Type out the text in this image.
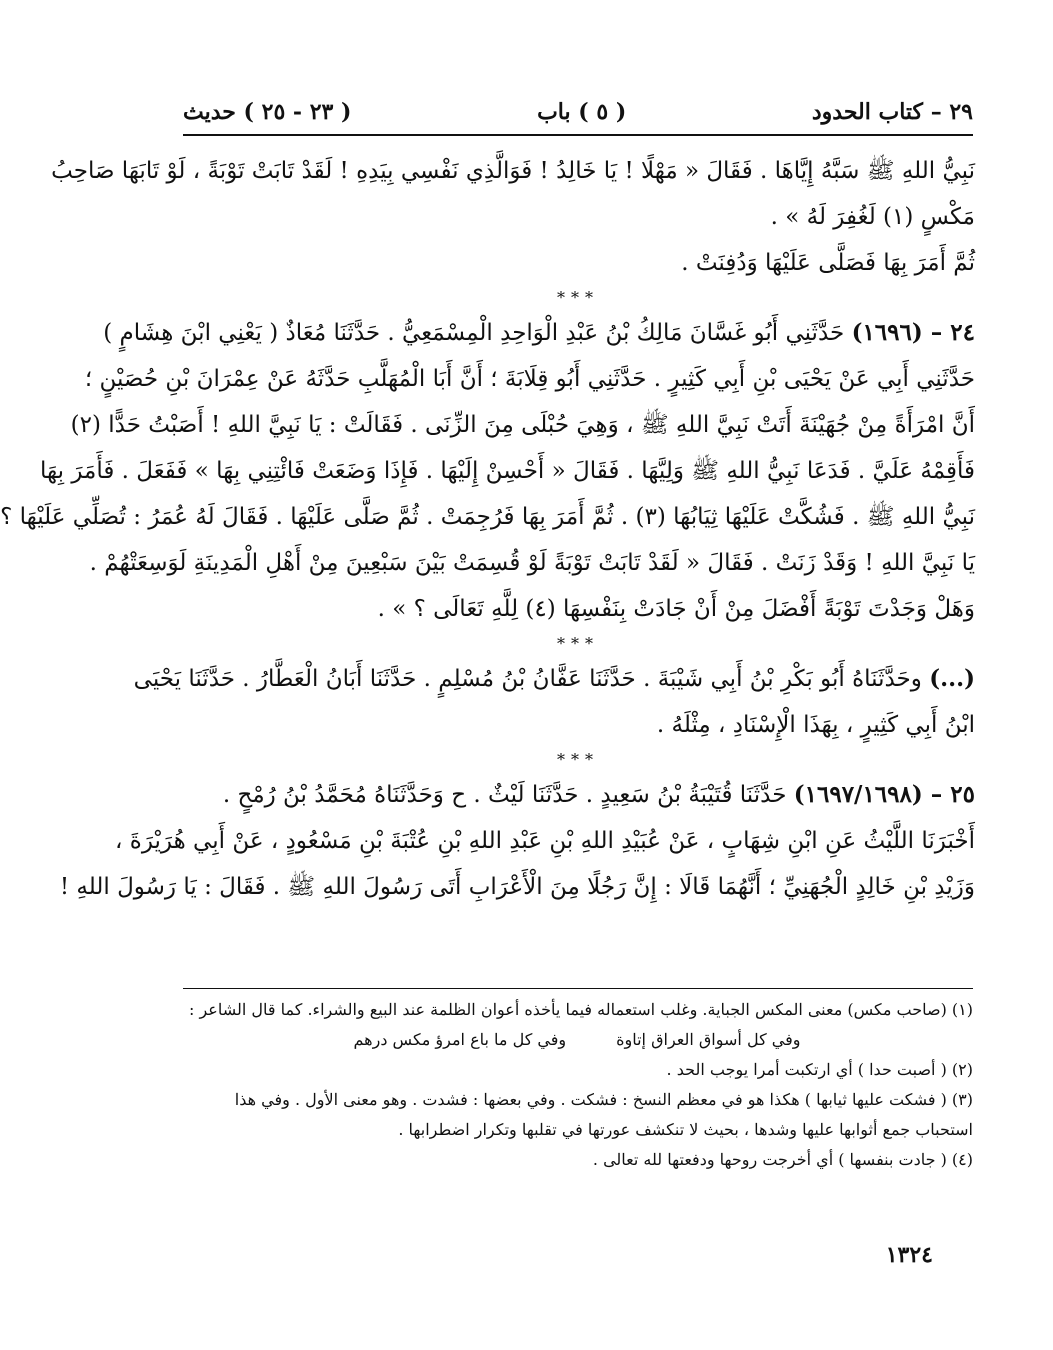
٢٩ – كتاب الحدود
( ٥ ) باب
( ٢٣ - ٢٥ ) حديث
نَبِيُّ اللهِ ﷺ سَبَّهُ إِيَّاهَا . فَقَالَ « مَهْلًا ! يَا خَالِدُ ! فَوَالَّذِي نَفْسِي بِيَدِهِ ! لَقَدْ تَابَتْ تَوْبَةً ، لَوْ تَابَهَا صَاحِبُ
مَكْسٍ (١) لَغُفِرَ لَهُ » .
ثُمَّ أَمَرَ بِهَا فَصَلَّى عَلَيْهَا وَدُفِنَتْ .
***
٢٤ – (١٦٩٦) حَدَّثَنِي أَبُو غَسَّانَ مَالِكُ بْنُ عَبْدِ الْوَاحِدِ الْمِسْمَعِيُّ . حَدَّثَنَا مُعَاذٌ ( يَعْنِي ابْنَ هِشَامٍ )
حَدَّثَنِي أَبِي عَنْ يَحْيَى بْنِ أَبِي كَثِيرٍ . حَدَّثَنِي أَبُو قِلَابَةَ ؛ أَنَّ أَبَا الْمُهَلَّبِ حَدَّثَهُ عَنْ عِمْرَانَ بْنِ حُصَيْنٍ ؛
أَنَّ امْرَأَةً مِنْ جُهَيْنَةَ أَتَتْ نَبِيَّ اللهِ ﷺ ، وَهِيَ حُبْلَى مِنَ الزِّنَى . فَقَالَتْ : يَا نَبِيَّ اللهِ ! أَصَبْتُ حَدًّا (٢)
فَأَقِمْهُ عَلَيَّ . فَدَعَا نَبِيُّ اللهِ ﷺ وَلِيَّهَا . فَقَالَ « أَحْسِنْ إِلَيْهَا . فَإِذَا وَضَعَتْ فَائْتِنِي بِهَا » فَفَعَلَ . فَأَمَرَ بِهَا
نَبِيُّ اللهِ ﷺ . فَشُكَّتْ عَلَيْهَا ثِيَابُهَا (٣) . ثُمَّ أَمَرَ بِهَا فَرُجِمَتْ . ثُمَّ صَلَّى عَلَيْهَا . فَقَالَ لَهُ عُمَرُ : تُصَلِّي عَلَيْهَا ؟
يَا نَبِيَّ اللهِ ! وَقَدْ زَنَتْ . فَقَالَ « لَقَدْ تَابَتْ تَوْبَةً لَوْ قُسِمَتْ بَيْنَ سَبْعِينَ مِنْ أَهْلِ الْمَدِينَةِ لَوَسِعَتْهُمْ .
وَهَلْ وَجَدْتَ تَوْبَةً أَفْضَلَ مِنْ أَنْ جَادَتْ بِنَفْسِهَا (٤) لِلَّهِ تَعَالَى ؟ » .
***
(...) وحَدَّثَنَاهُ أَبُو بَكْرِ بْنُ أَبِي شَيْبَةَ . حَدَّثَنَا عَفَّانُ بْنُ مُسْلِمٍ . حَدَّثَنَا أَبَانُ الْعَطَّارُ . حَدَّثَنَا يَحْيَى
ابْنُ أَبِي كَثِيرٍ ، بِهَذَا الْإِسْنَادِ ، مِثْلَهُ .
***
٢٥ – (١٦٩٧/١٦٩٨) حَدَّثَنَا قُتَيْبَةُ بْنُ سَعِيدٍ . حَدَّثَنَا لَيْثٌ . ح وَحَدَّثَنَاهُ مُحَمَّدُ بْنُ رُمْحٍ .
أَخْبَرَنَا اللَّيْثُ عَنِ ابْنِ شِهَابٍ ، عَنْ عُبَيْدِ اللهِ بْنِ عَبْدِ اللهِ بْنِ عُتْبَةَ بْنِ مَسْعُودٍ ، عَنْ أَبِي هُرَيْرَةَ ،
وَزَيْدِ بْنِ خَالِدٍ الْجُهَنِيِّ ؛ أَنَّهُمَا قَالَا : إِنَّ رَجُلًا مِنَ الْأَعْرَابِ أَتَى رَسُولَ اللهِ ﷺ . فَقَالَ : يَا رَسُولَ اللهِ !
(١) (صاحب مكس) معنى المكس الجباية. وغلب استعماله فيما يأخذه أعوان الظلمة عند البيع والشراء. كما قال الشاعر :
وفي كل أسواق العراق إتاوة
وفي كل ما باع امرؤ مكس درهم
(٢) ( أصبت حدا ) أي ارتكبت أمرا يوجب الحد .
(٣) ( فشكت عليها ثيابها ) هكذا هو في معظم النسخ : فشكت . وفي بعضها : فشدت . وهو معنى الأول . وفي هذا
استحباب جمع أثوابها عليها وشدها ، بحيث لا تنكشف عورتها في تقلبها وتكرار اضطرابها .
(٤) ( جادت بنفسها ) أي أخرجت روحها ودفعتها لله تعالى .
١٣٢٤
